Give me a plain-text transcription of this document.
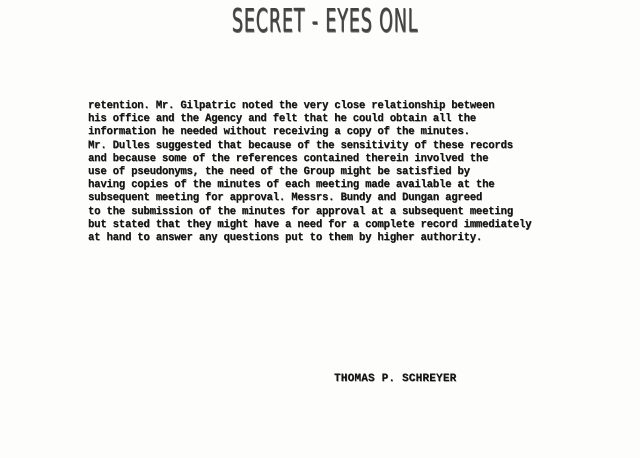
SECRET - EYES ONL
retention. Mr. Gilpatric noted the very close relationship between
his office and the Agency and felt that he could obtain all the
information he needed without receiving a copy of the minutes.
Mr. Dulles suggested that because of the sensitivity of these records
and because some of the references contained therein involved the
use of pseudonyms, the need of the Group might be satisfied by
having copies of the minutes of each meeting made available at the
subsequent meeting for approval. Messrs. Bundy and Dungan agreed
to the submission of the minutes for approval at a subsequent meeting
but stated that they might have a need for a complete record immediately
at hand to answer any questions put to them by higher authority.
THOMAS P. SCHREYER
